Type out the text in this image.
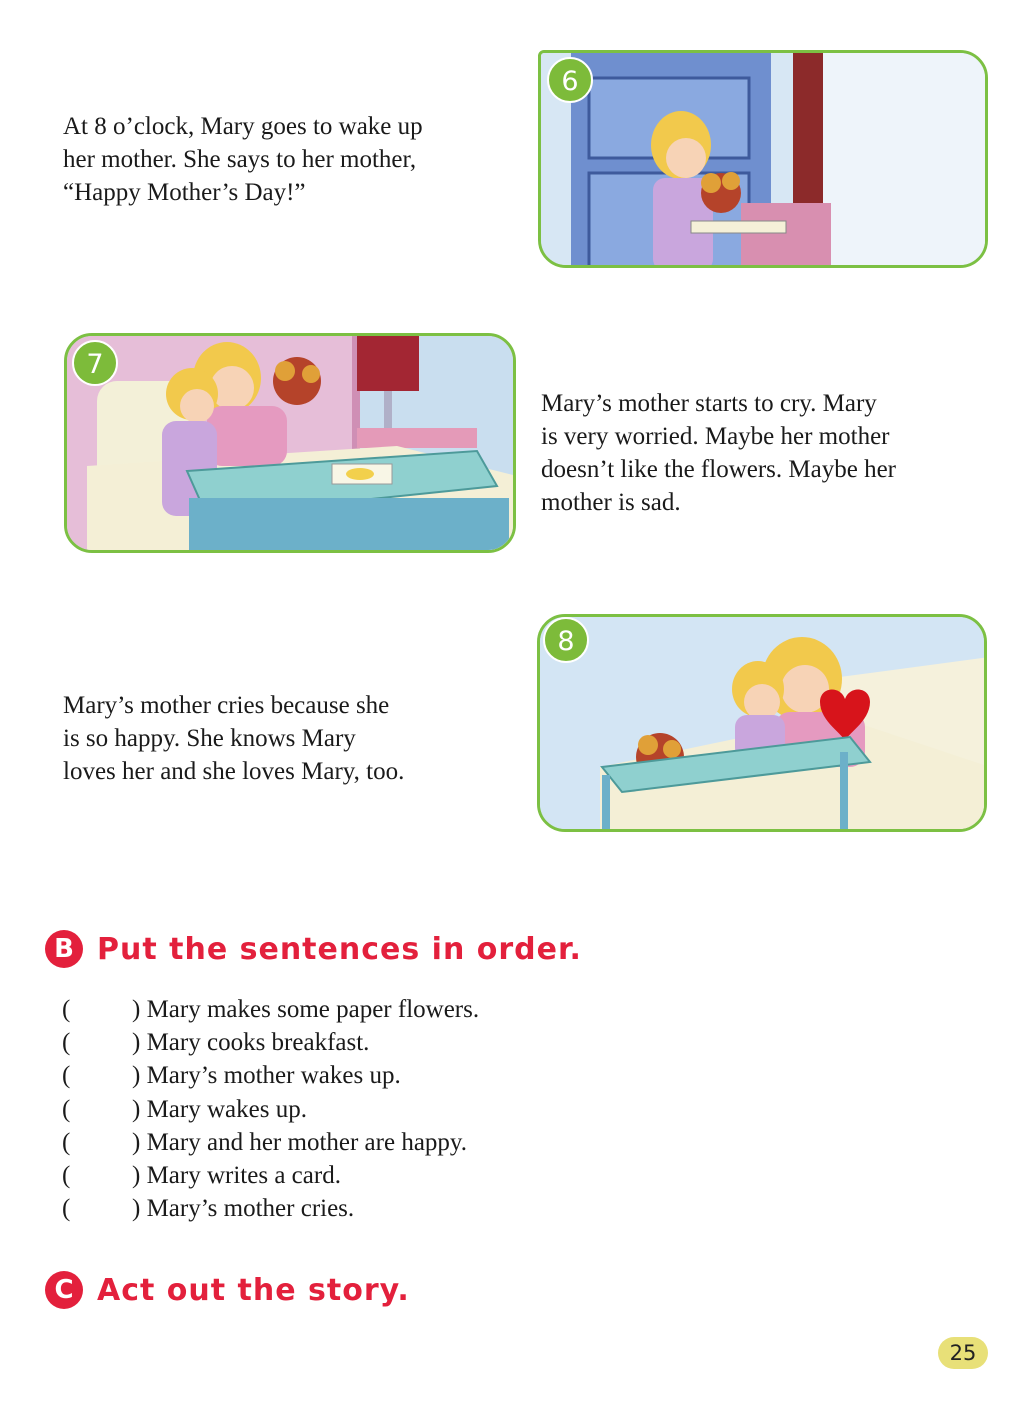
At 8 o’clock, Mary goes to wake up
her mother. She says to her mother,
“Happy Mother’s Day!”
6
7
Mary’s mother starts to cry. Mary
is very worried. Maybe her mother
doesn’t like the flowers. Maybe her
mother is sad.
8
Mary’s mother cries because she
is so happy. She knows Mary
loves her and she loves Mary, too.
B Put the sentences in order.
(	)
Mary makes some paper flowers.
(	)
Mary cooks breakfast.
(	)
Mary’s mother wakes up.
(	)
Mary wakes up.
(	)
Mary and her mother are happy.
(	)
Mary writes a card.
(	)
Mary’s mother cries.
C Act out the story.
25
